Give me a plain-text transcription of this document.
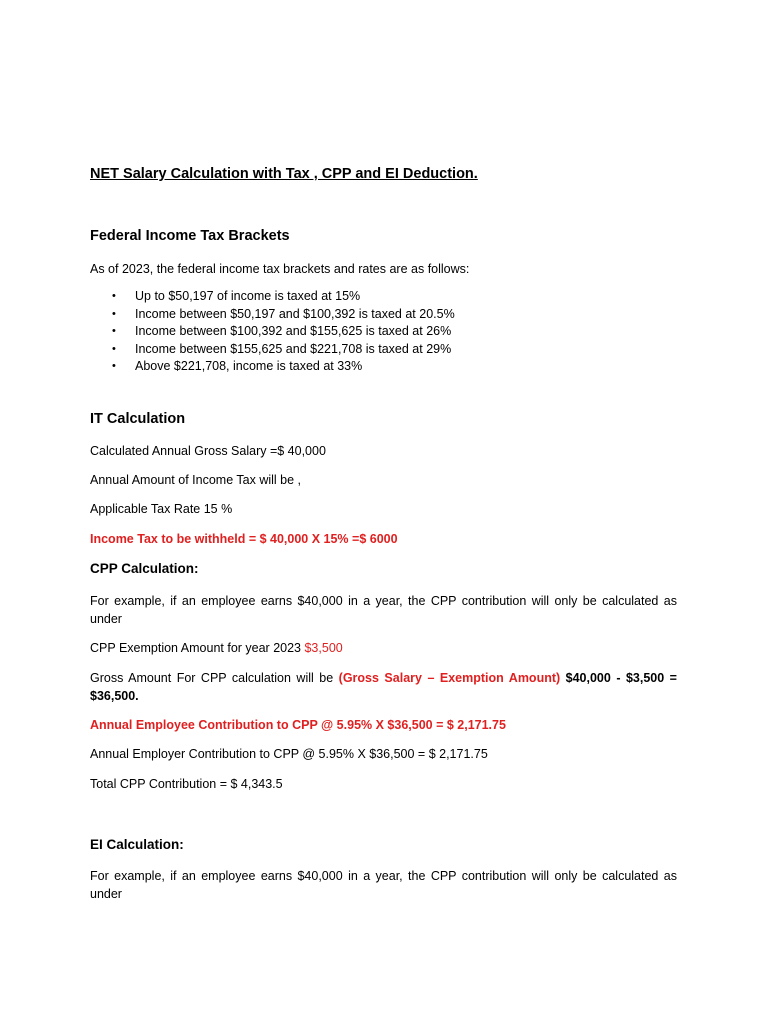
NET Salary Calculation with Tax , CPP and EI Deduction.
Federal Income Tax Brackets
As of 2023, the federal income tax brackets and rates are as follows:
• Up to $50,197 of income is taxed at 15%
• Income between $50,197 and $100,392 is taxed at 20.5%
• Income between $100,392 and $155,625 is taxed at 26%
• Income between $155,625 and $221,708 is taxed at 29%
• Above $221,708, income is taxed at 33%
IT Calculation
Calculated Annual Gross Salary =$ 40,000
Annual Amount of Income Tax will be ,
Applicable Tax Rate 15 %
Income Tax to be withheld = $ 40,000 X 15% =$ 6000
CPP Calculation:
For example, if an employee earns $40,000 in a year, the CPP contribution will only be calculated as under
CPP Exemption Amount for year 2023 $3,500
Gross Amount For CPP calculation will be (Gross Salary – Exemption Amount) $40,000 - $3,500 = $36,500.
Annual Employee Contribution to CPP @ 5.95% X $36,500 = $ 2,171.75
Annual Employer Contribution to CPP @ 5.95% X $36,500 = $ 2,171.75
Total CPP Contribution = $ 4,343.5
EI Calculation:
For example, if an employee earns $40,000 in a year, the CPP contribution will only be calculated as under
